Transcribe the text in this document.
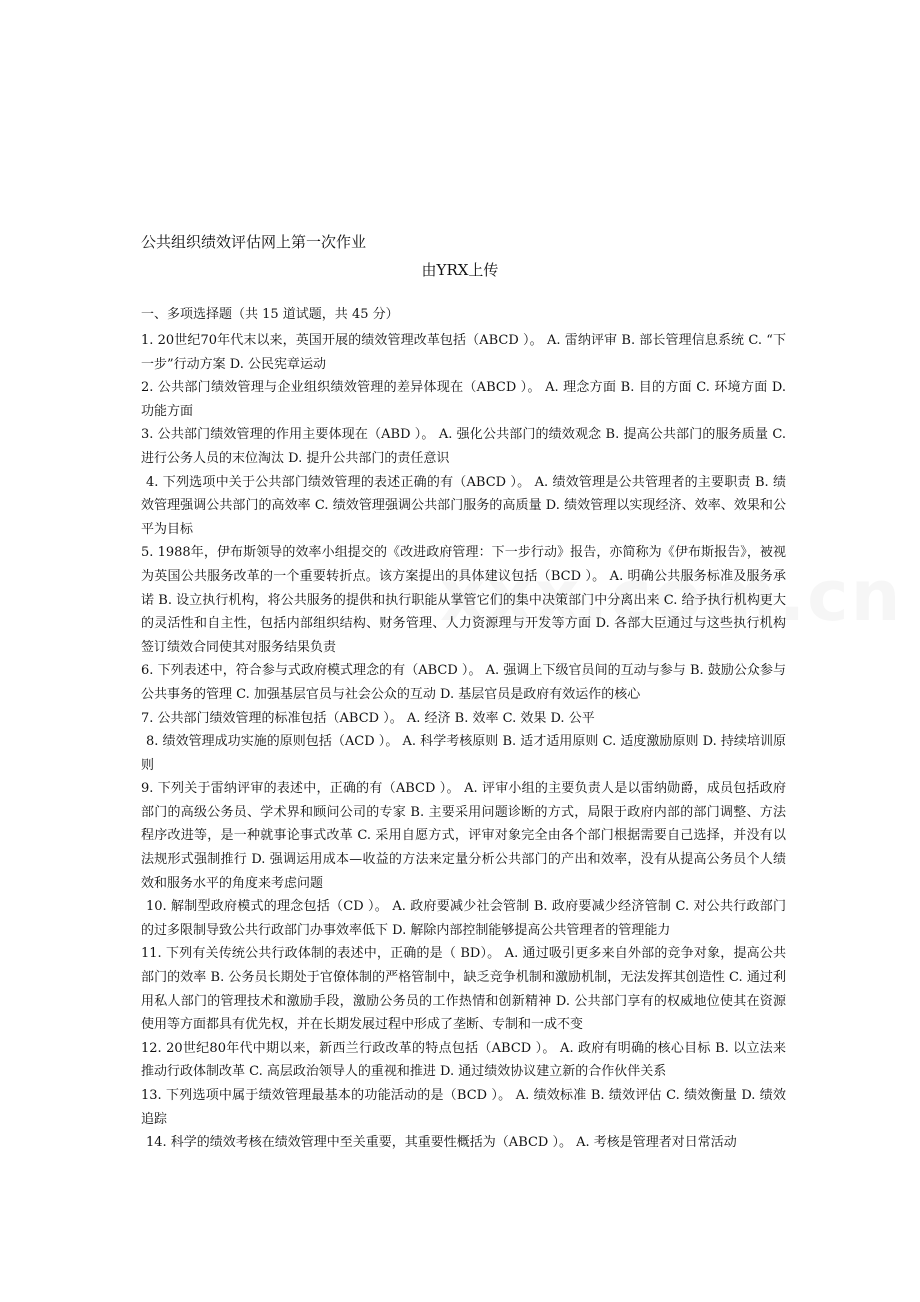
公共组织绩效评估网上第一次作业
由YRX上传
一、多项选择题（共 15 道试题，共 45 分）

1. 20世纪70年代末以来，英国开展的绩效管理改革包括（ABCD ）。 A. 雷纳评审 B. 部长管理信息系统 C. “下一步”行动方案 D. 公民宪章运动

2. 公共部门绩效管理与企业组织绩效管理的差异体现在（ABCD ）。 A. 理念方面 B. 目的方面 C. 环境方面 D. 功能方面

3. 公共部门绩效管理的作用主要体现在（ABD ）。 A. 强化公共部门的绩效观念 B. 提高公共部门的服务质量 C. 进行公务人员的末位淘汰 D. 提升公共部门的责任意识

4. 下列选项中关于公共部门绩效管理的表述正确的有（ABCD ）。 A. 绩效管理是公共管理者的主要职责 B. 绩效管理强调公共部门的高效率 C. 绩效管理强调公共部门服务的高质量 D. 绩效管理以实现经济、效率、效果和公平为目标

5. 1988年，伊布斯领导的效率小组提交的《改进政府管理：下一步行动》报告，亦简称为《伊布斯报告》，被视为英国公共服务改革的一个重要转折点。该方案提出的具体建议包括（BCD ）。 A. 明确公共服务标准及服务承诺 B. 设立执行机构，将公共服务的提供和执行职能从掌管它们的集中决策部门中分离出来 C. 给予执行机构更大的灵活性和自主性，包括内部组织结构、财务管理、人力资源理与开发等方面 D. 各部大臣通过与这些执行机构签订绩效合同使其对服务结果负责

6. 下列表述中，符合参与式政府模式理念的有（ABCD ）。 A. 强调上下级官员间的互动与参与 B. 鼓励公众参与公共事务的管理 C. 加强基层官员与社会公众的互动 D. 基层官员是政府有效运作的核心

7. 公共部门绩效管理的标准包括（ABCD ）。 A. 经济 B. 效率 C. 效果 D. 公平

8. 绩效管理成功实施的原则包括（ACD ）。 A. 科学考核原则 B. 适才适用原则 C. 适度激励原则 D. 持续培训原则

9. 下列关于雷纳评审的表述中，正确的有（ABCD ）。 A. 评审小组的主要负责人是以雷纳勋爵，成员包括政府部门的高级公务员、学术界和顾问公司的专家 B. 主要采用问题诊断的方式，局限于政府内部的部门调整、方法程序改进等，是一种就事论事式改革 C. 采用自愿方式，评审对象完全由各个部门根据需要自己选择，并没有以法规形式强制推行 D. 强调运用成本—收益的方法来定量分析公共部门的产出和效率，没有从提高公务员个人绩效和服务水平的角度来考虑问题

10. 解制型政府模式的理念包括（CD ）。 A. 政府要减少社会管制 B. 政府要减少经济管制 C. 对公共行政部门的过多限制导致公共行政部门办事效率低下 D. 解除内部控制能够提高公共管理者的管理能力

11. 下列有关传统公共行政体制的表述中，正确的是（ BD）。 A. 通过吸引更多来自外部的竞争对象，提高公共部门的效率 B. 公务员长期处于官僚体制的严格管制中，缺乏竞争机制和激励机制，无法发挥其创造性 C. 通过利用私人部门的管理技术和激励手段，激励公务员的工作热情和创新精神 D. 公共部门享有的权威地位使其在资源使用等方面都具有优先权，并在长期发展过程中形成了垄断、专制和一成不变

12. 20世纪80年代中期以来，新西兰行政改革的特点包括（ABCD ）。 A. 政府有明确的核心目标 B. 以立法来推动行政体制改革 C. 高层政治领导人的重视和推进 D. 通过绩效协议建立新的合作伙伴关系

13. 下列选项中属于绩效管理最基本的功能活动的是（BCD ）。 A. 绩效标准 B. 绩效评估 C. 绩效衡量 D. 绩效追踪

14. 科学的绩效考核在绩效管理中至关重要，其重要性概括为（ABCD ）。 A. 考核是管理者对日常活动
